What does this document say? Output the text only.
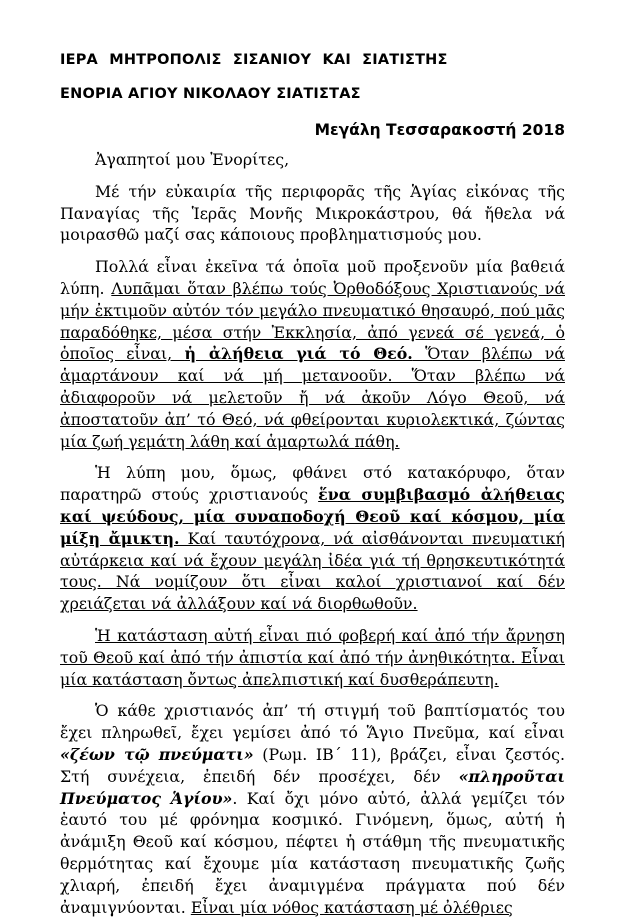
ΙΕΡΑ ΜΗΤΡΟΠΟΛΙΣ ΣΙΣΑΝΙΟΥ ΚΑΙ ΣΙΑΤΙΣΤΗΣ

ΕΝΟΡΙΑ ΑΓΙΟΥ ΝΙΚΟΛΑΟΥ ΣΙΑΤΙΣΤΑΣ

Μεγάλη Τεσσαρακοστή 2018

Ἀγαπητοί μου Ἐνορίτες,

Μέ τήν εὐκαιρία τῆς περιφορᾶς τῆς Ἁγίας εἰκόνας τῆς Παναγίας τῆς Ἱερᾶς Μονῆς Μικροκάστρου, θά ἤθελα νά μοιρασθῶ μαζί σας κάποιους προβληματισμούς μου.

Πολλά εἶναι ἐκεῖνα τά ὁποῖα μοῦ προξενοῦν μία βαθειά λύπη. Λυπᾶμαι ὅταν βλέπω τούς Ὀρθοδόξους Χριστιανούς νά μήν ἐκτιμοῦν αὐτόν τόν μεγάλο πνευματικό θησαυρό, πού μᾶς παραδόθηκε, μέσα στήν Ἐκκλησία, ἀπό γενεά σέ γενεά, ὁ ὁποῖος εἶναι, ἡ ἀλήθεια γιά τό Θεό. Ὅταν βλέπω νά ἁμαρτάνουν καί νά μή μετανοοῦν. Ὅταν βλέπω νά ἀδιαφοροῦν νά μελετοῦν ἤ νά ἀκοῦν Λόγο Θεοῦ, νά ἀποστατοῦν ἀπ’ τό Θεό, νά φθείρονται κυριολεκτικά, ζώντας μία ζωή γεμάτη λάθη καί ἁμαρτωλά πάθη.

Ἡ λύπη μου, ὅμως, φθάνει στό κατακόρυφο, ὅταν παρατηρῶ στούς χριστιανούς ἕνα συμβιβασμό ἀλήθειας καί ψεύδους, μία συναποδοχή Θεοῦ καί κόσμου, μία μίξη ἄμικτη. Καί ταυτόχρονα, νά αἰσθάνονται πνευματική αὐτάρκεια καί νά ἔχουν μεγάλη ἰδέα γιά τή θρησκευτικότητά τους. Νά νομίζουν ὅτι εἶναι καλοί χριστιανοί καί δέν χρειάζεται νά ἀλλάξουν καί νά διορθωθοῦν.

Ἡ κατάσταση αὐτή εἶναι πιό φοβερή καί ἀπό τήν ἄρνηση τοῦ Θεοῦ καί ἀπό τήν ἀπιστία καί ἀπό τήν ἀνηθικότητα. Εἶναι μία κατάσταση ὄντως ἀπελπιστική καί δυσθεράπευτη.

Ὁ κάθε χριστιανός ἀπ’ τή στιγμή τοῦ βαπτίσματός του ἔχει πληρωθεῖ, ἔχει γεμίσει ἀπό τό Ἅγιο Πνεῦμα, καί εἶναι «ζέων τῷ πνεύματι» (Ρωμ. ΙΒ´ 11), βράζει, εἶναι ζεστός. Στή συνέχεια, ἐπειδή δέν προσέχει, δέν «πληροῦται Πνεύματος Ἁγίου». Καί ὄχι μόνο αὐτό, ἀλλά γεμίζει τόν ἑαυτό του μέ φρόνημα κοσμικό. Γινόμενη, ὅμως, αὐτή ἡ ἀνάμιξη Θεοῦ καί κόσμου, πέφτει ἡ στάθμη τῆς πνευματικῆς θερμότητας καί ἔχουμε μία κατάσταση πνευματικῆς ζωῆς χλιαρή, ἐπειδή ἔχει ἀναμιγμένα πράγματα πού δέν ἀναμιγνύονται. Εἶναι μία νόθος κατάσταση μέ ὀλέθριες
